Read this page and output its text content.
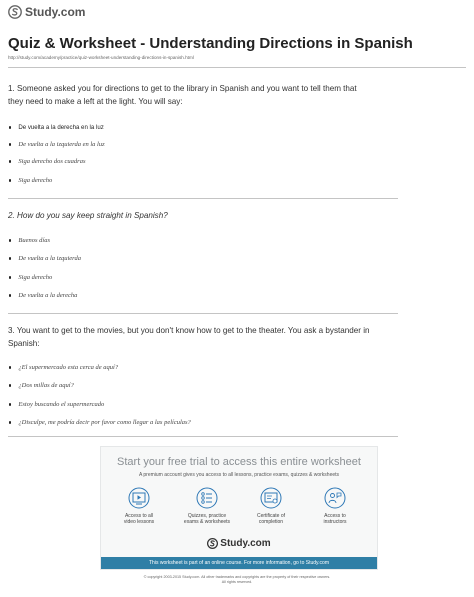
Study.com
Quiz & Worksheet - Understanding Directions in Spanish
http://study.com/academy/practice/quiz-worksheet-understanding-directions-in-spanish.html
1. Someone asked you for directions to get to the library in Spanish and you want to tell them that
they need to make a left at the light. You will say:
De vuelta a la derecha en la luz
De vuelta a la izquierda en la luz
Siga derecho dos cuadras
Siga derecho
2. How do you say keep straight in Spanish?
Buenos días
De vuelta a la izquierda
Siga derecho
De vuelta a la derecha
3. You want to get to the movies, but you don't know how to get to the theater. You ask a bystander in
Spanish:
¿El supermercado esta cerca de aquí?
¿Dos millas de aquí?
Estoy buscando el supermercado
¿Disculpe, me podría decir por favor como llegar a las películas?
Start your free trial to access this entire worksheet
A premium account gives you access to all lessons, practice exams, quizzes & worksheets
Access to all
video lessons
Quizzes, practice
exams & worksheets
Certificate of
completion
Access to
instructors
Study.com
This worksheet is part of an online course. For more information, go to Study.com
© copyright 2003-2015 Study.com. All other trademarks and copyrights are the property of their respective owners.
All rights reserved.
